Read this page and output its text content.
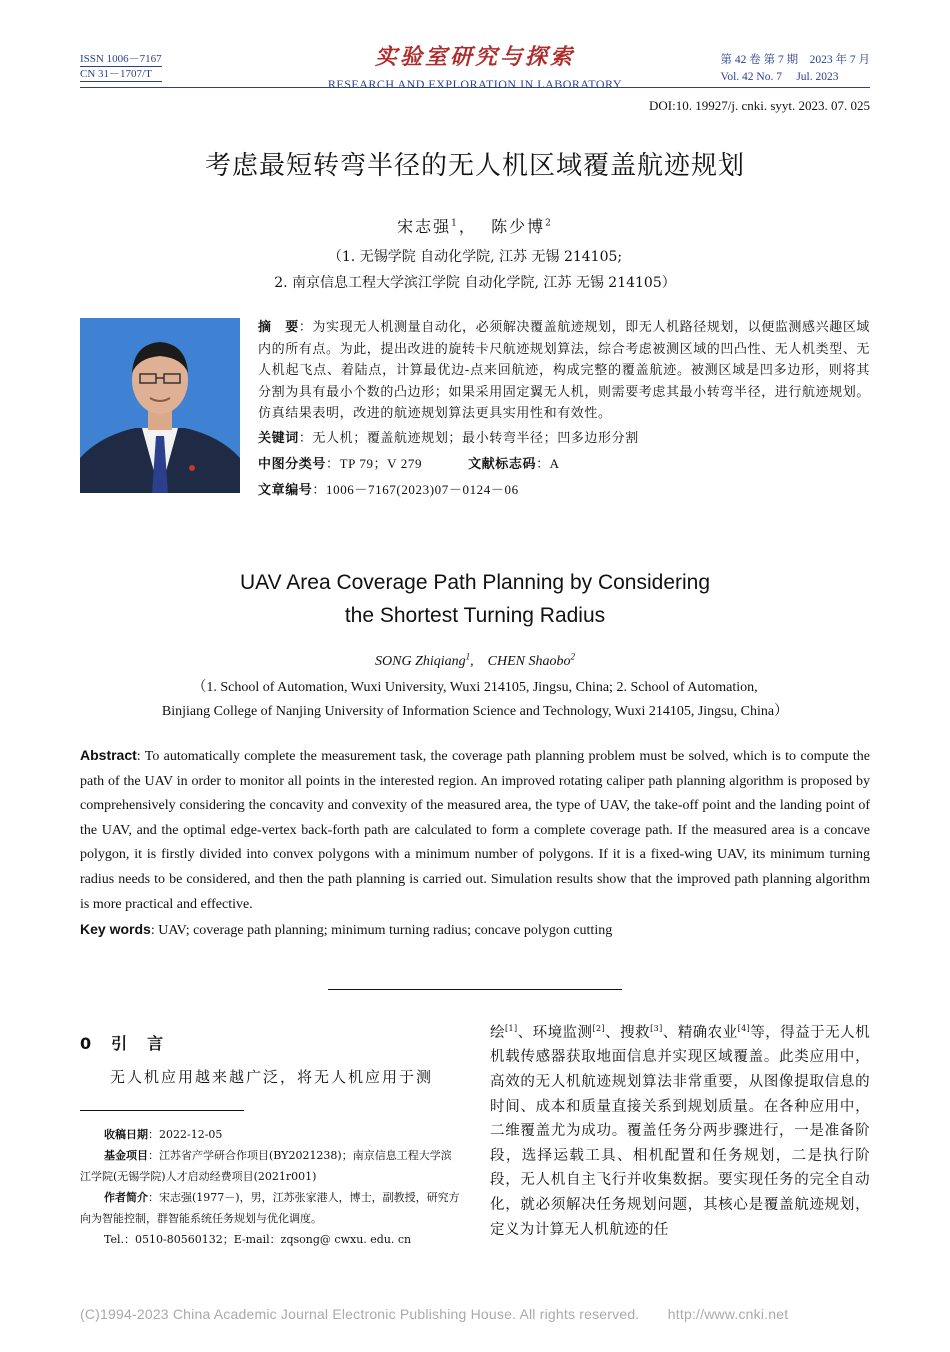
ISSN 1006－7167
CN 31－1707/T
实验室研究与探索
RESEARCH AND EXPLORATION IN LABORATORY
第 42 卷 第 7 期　2023 年 7 月
Vol. 42 No. 7　 Jul. 2023
DOI:10. 19927/j. cnki. syyt. 2023. 07. 025
考虑最短转弯半径的无人机区域覆盖航迹规划
宋志强$^1$， 陈少博$^2$
（1. 无锡学院 自动化学院, 江苏 无锡 214105;
2. 南京信息工程大学滨江学院 自动化学院, 江苏 无锡 214105）
摘　要：为实现无人机测量自动化，必须解决覆盖航迹规划，即无人机路径规划，以便监测感兴趣区域内的所有点。为此，提出改进的旋转卡尺航迹规划算法，综合考虑被测区域的凹凸性、无人机类型、无人机起飞点、着陆点，计算最优边-点来回航迹，构成完整的覆盖航迹。被测区域是凹多边形，则将其分割为具有最小个数的凸边形；如果采用固定翼无人机，则需要考虑其最小转弯半径，进行航迹规划。仿真结果表明，改进的航迹规划算法更具实用性和有效性。
关键词：无人机；覆盖航迹规划；最小转弯半径；凹多边形分割
中图分类号：TP 79；V 279	文献标志码：A
文章编号：1006－7167(2023)07－0124－06
UAV Area Coverage Path Planning by Considering
the Shortest Turning Radius
SONG Zhiqiang$^1$,　CHEN Shaobo$^2$
（1. School of Automation, Wuxi University, Wuxi 214105, Jingsu, China; 2. School of Automation,
Binjiang College of Nanjing University of Information Science and Technology, Wuxi 214105, Jingsu, China）
Abstract: To automatically complete the measurement task, the coverage path planning problem must be solved, which is to compute the path of the UAV in order to monitor all points in the interested region. An improved rotating caliper path planning algorithm is proposed by comprehensively considering the concavity and convexity of the measured area, the type of UAV, the take-off point and the landing point of the UAV, and the optimal edge-vertex back-forth path are calculated to form a complete coverage path. If the measured area is a concave polygon, it is firstly divided into convex polygons with a minimum number of polygons. If it is a fixed-wing UAV, its minimum turning radius needs to be considered, and then the path planning is carried out. Simulation results show that the improved path planning algorithm is more practical and effective.
Key words: UAV; coverage path planning; minimum turning radius; concave polygon cutting
0　引　言
无人机应用越来越广泛，将无人机应用于测

收稿日期：2022-12-05

基金项目：江苏省产学研合作项目(BY2021238)；南京信息工程大学滨江学院(无锡学院)人才启动经费项目(2021r001)

作者简介：宋志强(1977－)，男，江苏张家港人，博士，副教授，研究方向为智能控制，群智能系统任务规划与优化调度。

Tel.：0510-80560132；E-mail：zqsong@ cwxu. edu. cn

绘[1]、环境监测[2]、搜救[3]、精确农业[4]等，得益于无人机机载传感器获取地面信息并实现区域覆盖。此类应用中，高效的无人机航迹规划算法非常重要，从图像提取信息的时间、成本和质量直接关系到规划质量。在各种应用中，二维覆盖尤为成功。覆盖任务分两步骤进行，一是准备阶段，选择运载工具、相机配置和任务规划，二是执行阶段，无人机自主飞行并收集数据。要实现任务的完全自动化，就必须解决任务规划问题，其核心是覆盖航迹规划，定义为计算无人机航迹的任
(C)1994-2023 China Academic Journal Electronic Publishing House. All rights reserved.　　http://www.cnki.net
